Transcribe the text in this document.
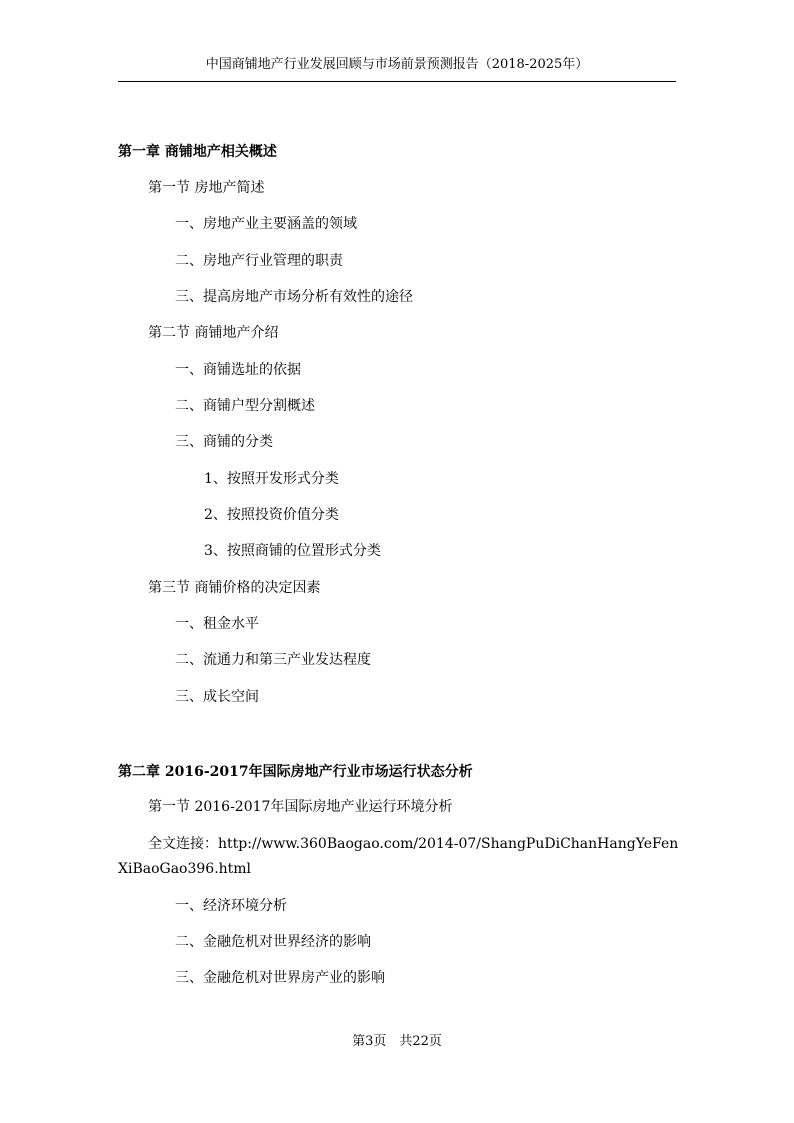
中国商铺地产行业发展回顾与市场前景预测报告（2018-2025年）
第一章 商铺地产相关概述
第一节 房地产简述
一、房地产业主要涵盖的领域
二、房地产行业管理的职责
三、提高房地产市场分析有效性的途径
第二节 商铺地产介绍
一、商铺选址的依据
二、商铺户型分割概述
三、商铺的分类
1、按照开发形式分类
2、按照投资价值分类
3、按照商铺的位置形式分类
第三节 商铺价格的决定因素
一、租金水平
二、流通力和第三产业发达程度
三、成长空间
第二章 2016-2017年国际房地产行业市场运行状态分析
第一节 2016-2017年国际房地产业运行环境分析
全文连接：http://www.360Baogao.com/2014-07/ShangPuDiChanHangYeFenXiBaoGao396.html
一、经济环境分析
二、金融危机对世界经济的影响
三、金融危机对世界房产业的影响
第3页　共22页
